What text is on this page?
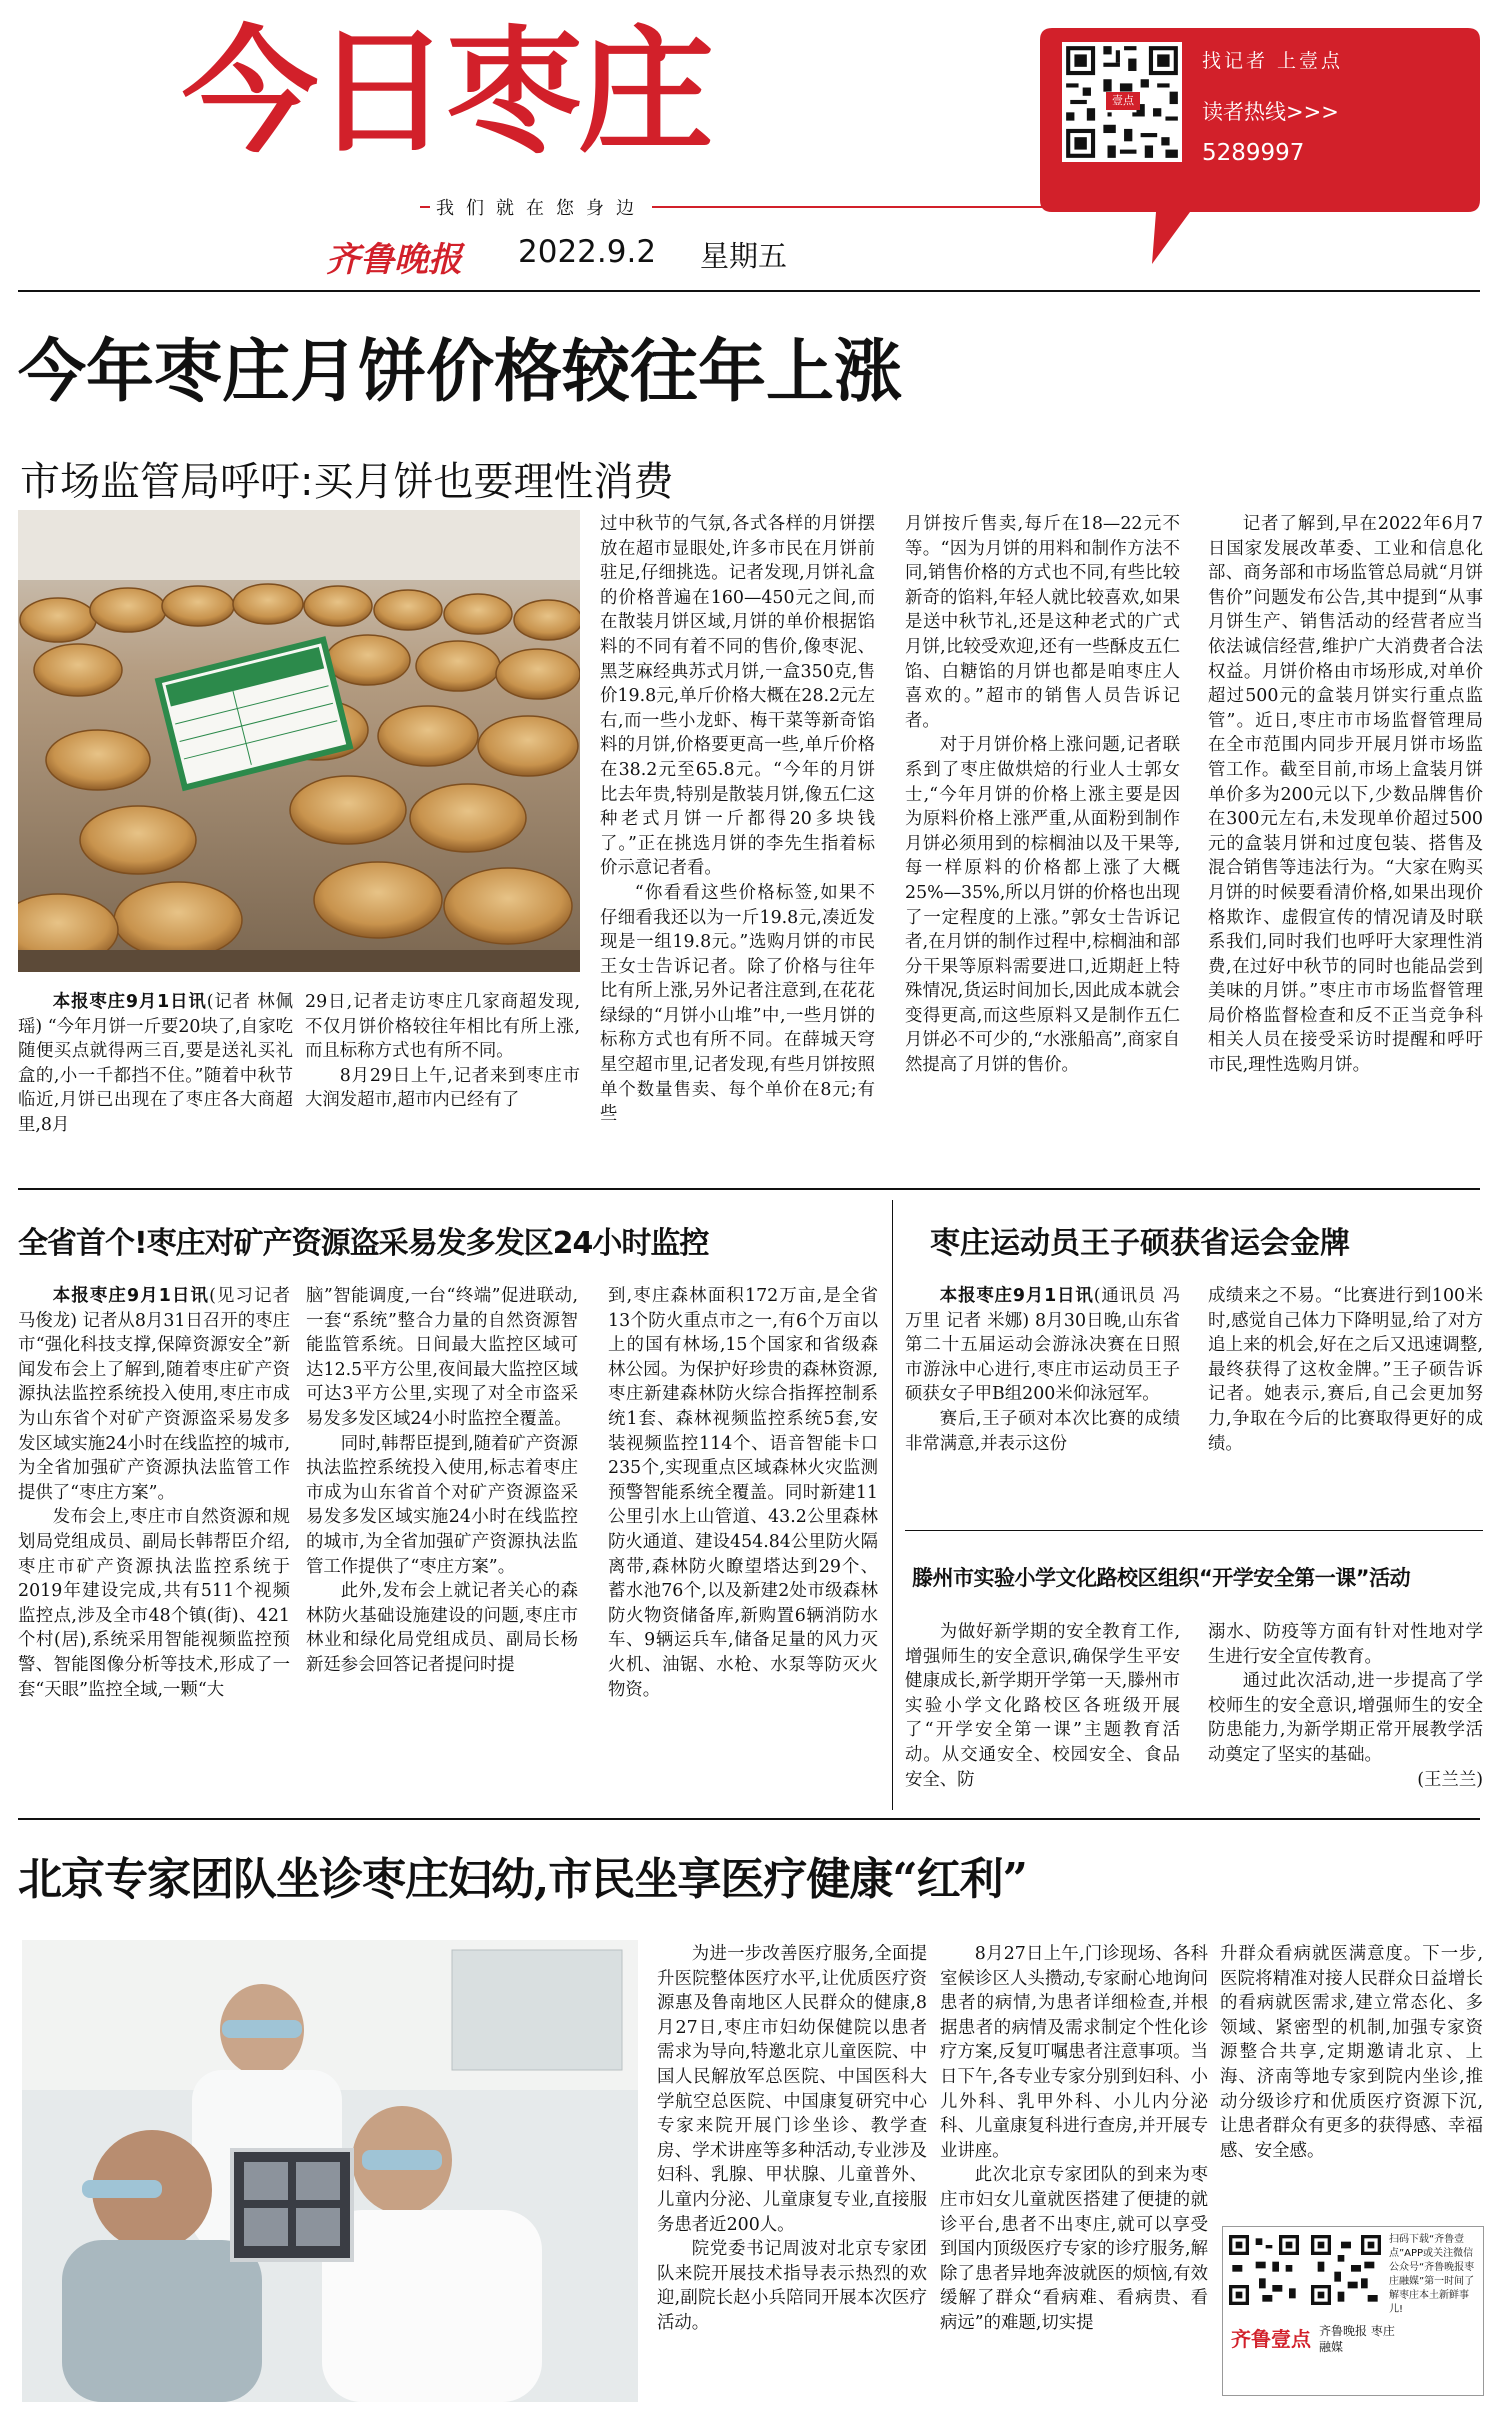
今日枣庄
我们就在您身边
齐鲁晚报 2022.9.2 星期五
壹点
找记者 上壹点
读者热线>>>
5289997
今年枣庄月饼价格较往年上涨
市场监管局呼吁:买月饼也要理性消费

本报枣庄9月1日讯(记者 林佩瑶) “今年月饼一斤要20块了,自家吃随便买点就得两三百,要是送礼买礼盒的,小一千都挡不住。”随着中秋节临近,月饼已出现在了枣庄各大商超里,8月

29日,记者走访枣庄几家商超发现,不仅月饼价格较往年相比有所上涨,而且标称方式也有所不同。

8月29日上午,记者来到枣庄市大润发超市,超市内已经有了

过中秋节的气氛,各式各样的月饼摆放在超市显眼处,许多市民在月饼前驻足,仔细挑选。记者发现,月饼礼盒的价格普遍在160—450元之间,而在散装月饼区域,月饼的单价根据馅料的不同有着不同的售价,像枣泥、黑芝麻经典苏式月饼,一盒350克,售价19.8元,单斤价格大概在28.2元左右,而一些小龙虾、梅干菜等新奇馅料的月饼,价格要更高一些,单斤价格在38.2元至65.8元。“今年的月饼比去年贵,特别是散装月饼,像五仁这种老式月饼一斤都得20多块钱了。”正在挑选月饼的李先生指着标价示意记者看。

“你看看这些价格标签,如果不仔细看我还以为一斤19.8元,凑近发现是一组19.8元。”选购月饼的市民王女士告诉记者。除了价格与往年比有所上涨,另外记者注意到,在花花绿绿的“月饼小山堆”中,一些月饼的标称方式也有所不同。在薛城天穹星空超市里,记者发现,有些月饼按照单个数量售卖、每个单价在8元;有些

月饼按斤售卖,每斤在18—22元不等。“因为月饼的用料和制作方法不同,销售价格的方式也不同,有些比较新奇的馅料,年轻人就比较喜欢,如果是送中秋节礼,还是这种老式的广式月饼,比较受欢迎,还有一些酥皮五仁馅、白糖馅的月饼也都是咱枣庄人喜欢的。”超市的销售人员告诉记者。

对于月饼价格上涨问题,记者联系到了枣庄做烘焙的行业人士郭女士,“今年月饼的价格上涨主要是因为原料价格上涨严重,从面粉到制作月饼必须用到的棕榈油以及干果等,每一样原料的价格都上涨了大概25%—35%,所以月饼的价格也出现了一定程度的上涨。”郭女士告诉记者,在月饼的制作过程中,棕榈油和部分干果等原料需要进口,近期赶上特殊情况,货运时间加长,因此成本就会变得更高,而这些原料又是制作五仁月饼必不可少的,“水涨船高”,商家自然提高了月饼的售价。

记者了解到,早在2022年6月7日国家发展改革委、工业和信息化部、商务部和市场监管总局就“月饼售价”问题发布公告,其中提到“从事月饼生产、销售活动的经营者应当依法诚信经营,维护广大消费者合法权益。月饼价格由市场形成,对单价超过500元的盒装月饼实行重点监管”。近日,枣庄市市场监督管理局在全市范围内同步开展月饼市场监管工作。截至目前,市场上盒装月饼单价多为200元以下,少数品牌售价在300元左右,未发现单价超过500元的盒装月饼和过度包装、搭售及混合销售等违法行为。“大家在购买月饼的时候要看清价格,如果出现价格欺诈、虚假宣传的情况请及时联系我们,同时我们也呼吁大家理性消费,在过好中秋节的同时也能品尝到美味的月饼。”枣庄市市场监督管理局价格监督检查和反不正当竞争科相关人员在接受采访时提醒和呼吁市民,理性选购月饼。

全省首个!枣庄对矿产资源盗采易发多发区24小时监控

本报枣庄9月1日讯(见习记者 马俊龙) 记者从8月31日召开的枣庄市“强化科技支撑,保障资源安全”新闻发布会上了解到,随着枣庄矿产资源执法监控系统投入使用,枣庄市成为山东省个对矿产资源盗采易发多发区域实施24小时在线监控的城市,为全省加强矿产资源执法监管工作提供了“枣庄方案”。

发布会上,枣庄市自然资源和规划局党组成员、副局长韩帮臣介绍,枣庄市矿产资源执法监控系统于2019年建设完成,共有511个视频监控点,涉及全市48个镇(街)、421个村(居),系统采用智能视频监控预警、智能图像分析等技术,形成了一套“天眼”监控全域,一颗“大

脑”智能调度,一台“终端”促进联动,一套“系统”整合力量的自然资源智能监管系统。日间最大监控区域可达12.5平方公里,夜间最大监控区域可达3平方公里,实现了对全市盗采易发多发区域24小时监控全覆盖。

同时,韩帮臣提到,随着矿产资源执法监控系统投入使用,标志着枣庄市成为山东省首个对矿产资源盗采易发多发区域实施24小时在线监控的城市,为全省加强矿产资源执法监管工作提供了“枣庄方案”。

此外,发布会上就记者关心的森林防火基础设施建设的问题,枣庄市林业和绿化局党组成员、副局长杨新廷参会回答记者提问时提

到,枣庄森林面积172万亩,是全省13个防火重点市之一,有6个万亩以上的国有林场,15个国家和省级森林公园。为保护好珍贵的森林资源,枣庄新建森林防火综合指挥控制系统1套、森林视频监控系统5套,安装视频监控114个、语音智能卡口235个,实现重点区域森林火灾监测预警智能系统全覆盖。同时新建11公里引水上山管道、43.2公里森林防火通道、建设454.84公里防火隔离带,森林防火瞭望塔达到29个、蓄水池76个,以及新建2处市级森林防火物资储备库,新购置6辆消防水车、9辆运兵车,储备足量的风力灭火机、油锯、水枪、水泵等防灭火物资。

枣庄运动员王子硕获省运会金牌

本报枣庄9月1日讯(通讯员 冯万里 记者 米娜) 8月30日晚,山东省第二十五届运动会游泳决赛在日照市游泳中心进行,枣庄市运动员王子硕获女子甲B组200米仰泳冠军。

赛后,王子硕对本次比赛的成绩非常满意,并表示这份

成绩来之不易。“比赛进行到100米时,感觉自己体力下降明显,给了对方追上来的机会,好在之后又迅速调整,最终获得了这枚金牌。”王子硕告诉记者。她表示,赛后,自己会更加努力,争取在今后的比赛取得更好的成绩。

滕州市实验小学文化路校区组织“开学安全第一课”活动

为做好新学期的安全教育工作,增强师生的安全意识,确保学生平安健康成长,新学期开学第一天,滕州市实验小学文化路校区各班级开展了“开学安全第一课”主题教育活动。从交通安全、校园安全、食品安全、防

溺水、防疫等方面有针对性地对学生进行安全宣传教育。

通过此次活动,进一步提高了学校师生的安全意识,增强师生的安全防患能力,为新学期正常开展教学活动奠定了坚实的基础。

(王兰兰)

北京专家团队坐诊枣庄妇幼,市民坐享医疗健康“红利”

为进一步改善医疗服务,全面提升医院整体医疗水平,让优质医疗资源惠及鲁南地区人民群众的健康,8月27日,枣庄市妇幼保健院以患者需求为导向,特邀北京儿童医院、中国人民解放军总医院、中国医科大学航空总医院、中国康复研究中心专家来院开展门诊坐诊、教学查房、学术讲座等多种活动,专业涉及妇科、乳腺、甲状腺、儿童普外、儿童内分泌、儿童康复专业,直接服务患者近200人。

院党委书记周波对北京专家团队来院开展技术指导表示热烈的欢迎,副院长赵小兵陪同开展本次医疗活动。

8月27日上午,门诊现场、各科室候诊区人头攒动,专家耐心地询问患者的病情,为患者详细检查,并根据患者的病情及需求制定个性化诊疗方案,反复叮嘱患者注意事项。当日下午,各专业专家分别到妇科、小儿外科、乳甲外科、小儿内分泌科、儿童康复科进行查房,并开展专业讲座。

此次北京专家团队的到来为枣庄市妇女儿童就医搭建了便捷的就诊平台,患者不出枣庄,就可以享受到国内顶级医疗专家的诊疗服务,解除了患者异地奔波就医的烦恼,有效缓解了群众“看病难、看病贵、看病远”的难题,切实提

升群众看病就医满意度。下一步,医院将精准对接人民群众日益增长的看病就医需求,建立常态化、多领域、紧密型的机制,加强专家资源整合共享,定期邀请北京、上海、济南等地专家到院内坐诊,推动分级诊疗和优质医疗资源下沉,让患者群众有更多的获得感、幸福感、安全感。

扫码下载“齐鲁壹点”APP或关注微信公众号“齐鲁晚报枣庄融媒”第一时间了解枣庄本土新鲜事儿!
齐鲁壹点 齐鲁晚报 枣庄融媒
